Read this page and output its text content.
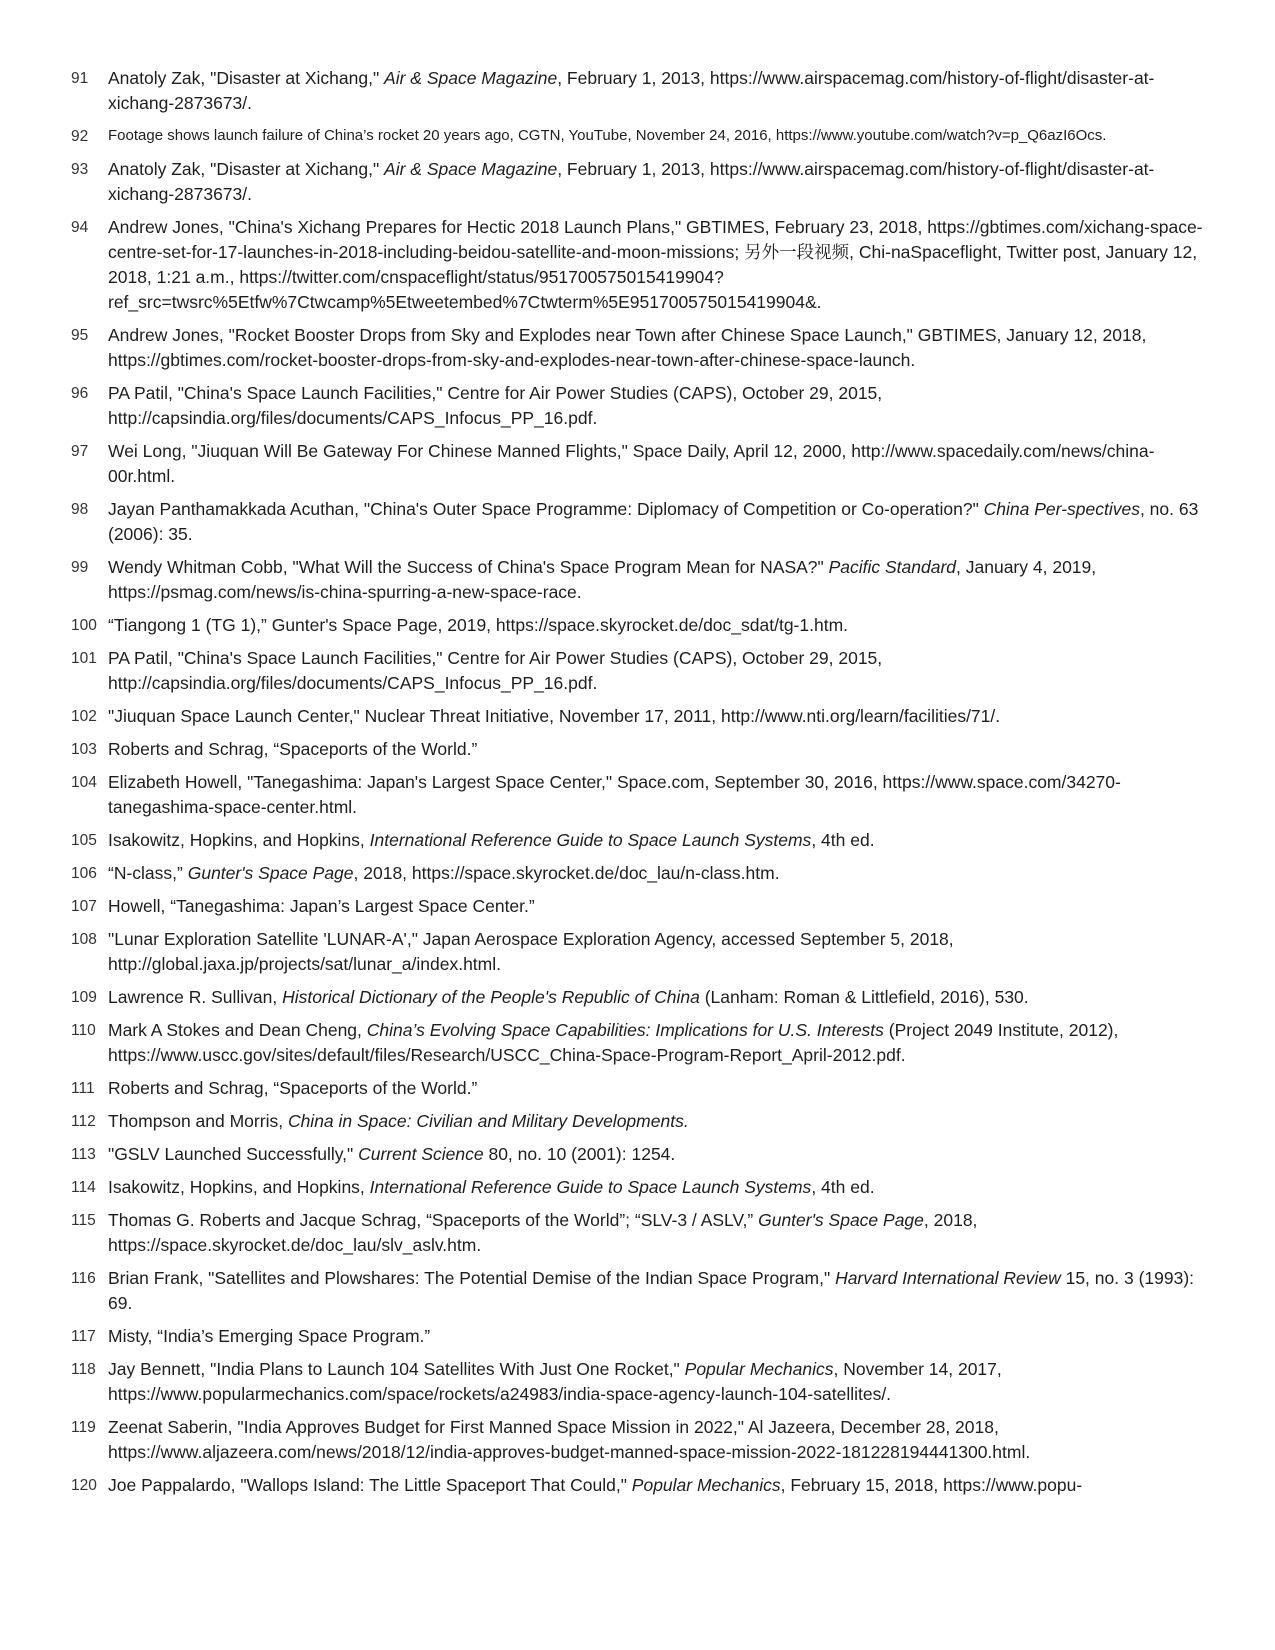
91	Anatoly Zak, "Disaster at Xichang," Air & Space Magazine, February 1, 2013, https://www.airspacemag.com/history-of-flight/disaster-at-xichang-2873673/.
92	Footage shows launch failure of China’s rocket 20 years ago, CGTN, YouTube, November 24, 2016, https://www.youtube.com/watch?v=p_Q6azI6Ocs.
93	Anatoly Zak, "Disaster at Xichang," Air & Space Magazine, February 1, 2013, https://www.airspacemag.com/history-of-flight/disaster-at-xichang-2873673/.
94	Andrew Jones, "China's Xichang Prepares for Hectic 2018 Launch Plans," GBTIMES, February 23, 2018, https://gbtimes.com/xichang-space-centre-set-for-17-launches-in-2018-including-beidou-satellite-and-moon-missions; 另外一段视频, Chi-naSpaceflight, Twitter post, January 12, 2018, 1:21 a.m., https://twitter.com/cnspaceflight/status/951700575015419904?ref_src=twsrc%5Etfw%7Ctwcamp%5Etweetembed%7Ctwterm%5E951700575015419904&.
95	Andrew Jones, "Rocket Booster Drops from Sky and Explodes near Town after Chinese Space Launch," GBTIMES, January 12, 2018, https://gbtimes.com/rocket-booster-drops-from-sky-and-explodes-near-town-after-chinese-space-launch.
96	PA Patil, "China's Space Launch Facilities," Centre for Air Power Studies (CAPS), October 29, 2015, http://capsindia.org/files/documents/CAPS_Infocus_PP_16.pdf.
97	Wei Long, "Jiuquan Will Be Gateway For Chinese Manned Flights," Space Daily, April 12, 2000, http://www.spacedaily.com/news/china-00r.html.
98	Jayan Panthamakkada Acuthan, "China's Outer Space Programme: Diplomacy of Competition or Co-operation?" China Per-spectives, no. 63 (2006): 35.
99	Wendy Whitman Cobb, "What Will the Success of China's Space Program Mean for NASA?" Pacific Standard, January 4, 2019, https://psmag.com/news/is-china-spurring-a-new-space-race.
100 “Tiangong 1 (TG 1),” Gunter's Space Page, 2019, https://space.skyrocket.de/doc_sdat/tg-1.htm.
101 PA Patil, "China's Space Launch Facilities," Centre for Air Power Studies (CAPS), October 29, 2015, http://capsindia.org/files/documents/CAPS_Infocus_PP_16.pdf.
102 "Jiuquan Space Launch Center," Nuclear Threat Initiative, November 17, 2011, http://www.nti.org/learn/facilities/71/.
103 Roberts and Schrag, “Spaceports of the World.”
104 Elizabeth Howell, "Tanegashima: Japan's Largest Space Center," Space.com, September 30, 2016, https://www.space.com/34270-tanegashima-space-center.html.
105 Isakowitz, Hopkins, and Hopkins, International Reference Guide to Space Launch Systems, 4th ed.
106 “N-class,” Gunter's Space Page, 2018, https://space.skyrocket.de/doc_lau/n-class.htm.
107 Howell, “Tanegashima: Japan’s Largest Space Center.”
108 "Lunar Exploration Satellite 'LUNAR-A'," Japan Aerospace Exploration Agency, accessed September 5, 2018, http://global.jaxa.jp/projects/sat/lunar_a/index.html.
109 Lawrence R. Sullivan, Historical Dictionary of the People's Republic of China (Lanham: Roman & Littlefield, 2016), 530.
110 Mark A Stokes and Dean Cheng, China’s Evolving Space Capabilities: Implications for U.S. Interests (Project 2049 Institute, 2012), https://www.uscc.gov/sites/default/files/Research/USCC_China-Space-Program-Report_April-2012.pdf.
111 Roberts and Schrag, “Spaceports of the World.”
112 Thompson and Morris, China in Space: Civilian and Military Developments.
113 "GSLV Launched Successfully," Current Science 80, no. 10 (2001): 1254.
114 Isakowitz, Hopkins, and Hopkins, International Reference Guide to Space Launch Systems, 4th ed.
115 Thomas G. Roberts and Jacque Schrag, “Spaceports of the World”; “SLV-3 / ASLV,” Gunter's Space Page, 2018, https://space.skyrocket.de/doc_lau/slv_aslv.htm.
116 Brian Frank, "Satellites and Plowshares: The Potential Demise of the Indian Space Program," Harvard International Review 15, no. 3 (1993): 69.
117 Misty, “India’s Emerging Space Program.”
118 Jay Bennett, "India Plans to Launch 104 Satellites With Just One Rocket," Popular Mechanics, November 14, 2017, https://www.popularmechanics.com/space/rockets/a24983/india-space-agency-launch-104-satellites/.
119 Zeenat Saberin, "India Approves Budget for First Manned Space Mission in 2022," Al Jazeera, December 28, 2018, https://www.aljazeera.com/news/2018/12/india-approves-budget-manned-space-mission-2022-181228194441300.html.
120 Joe Pappalardo, "Wallops Island: The Little Spaceport That Could," Popular Mechanics, February 15, 2018, https://www.popu-
